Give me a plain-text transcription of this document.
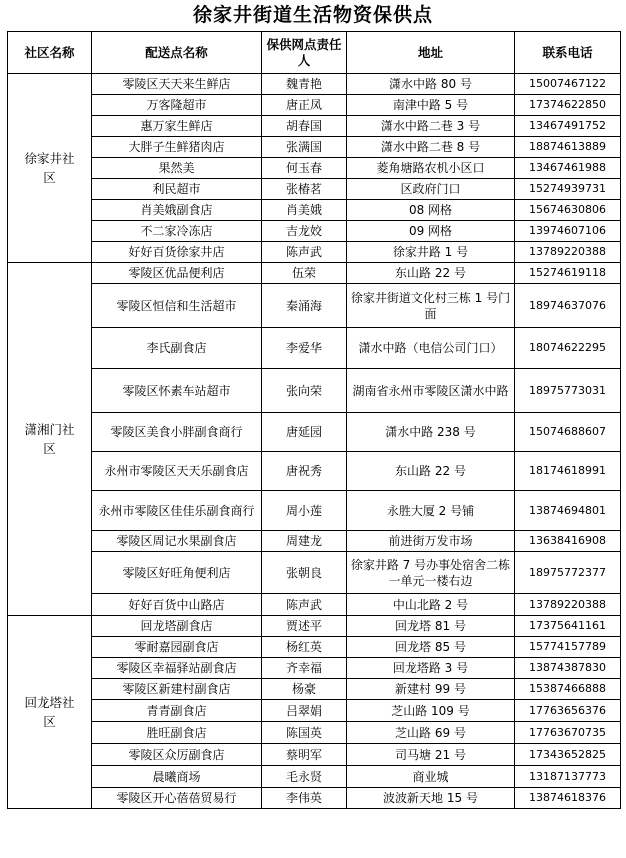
徐家井街道生活物资保供点
社区名称	配送点名称	保供网点责任人	地址	联系电话
徐家井社区	零陵区天天来生鲜店	魏青艳	潇水中路 80 号	15007467122
	万客隆超市	唐正凤	南津中路 5 号	17374622850
	惠万家生鲜店	胡春国	潇水中路二巷 3 号	13467491752
	大胖子生鲜猪肉店	张满国	潇水中路二巷 8 号	18874613889
	果然美	何玉春	菱角塘路农机小区口	13467461988
	利民超市	张椿茗	区政府门口	15274939731
	肖美娥副食店	肖美娥	08 网格	15674630806
	不二家冷冻店	吉龙姣	09 网格	13974607106
	好好百货徐家井店	陈声武	徐家井路 1 号	13789220388
潇湘门社区	零陵区优品便利店	伍荣	东山路 22 号	15274619118
	零陵区恒信和生活超市	秦涌海	徐家井街道文化村三栋 1 号门面	18974637076
	李氏副食店	李爱华	潇水中路（电信公司门口）	18074622295
	零陵区怀素车站超市	张向荣	湖南省永州市零陵区潇水中路	18975773031
	零陵区美食小胖副食商行	唐延园	潇水中路 238 号	15074688607
	永州市零陵区天天乐副食店	唐祝秀	东山路 22 号	18174618991
	永州市零陵区佳佳乐副食商行	周小莲	永胜大厦 2 号铺	13874694801
	零陵区周记水果副食店	周建龙	前进街万发市场	13638416908
	零陵区好旺角便利店	张朝良	徐家井路 7 号办事处宿舍二栋一单元一楼右边	18975772377
	好好百货中山路店	陈声武	中山北路 2 号	13789220388
回龙塔社区	回龙塔副食店	贾述平	回龙塔 81 号	17375641161
	零耐嘉园副食店	杨红英	回龙塔 85 号	15774157789
	零陵区幸福驿站副食店	齐幸福	回龙塔路 3 号	13874387830
	零陵区新建村副食店	杨豪	新建村 99 号	15387466888
	青青副食店	吕翠娟	芝山路 109 号	17763656376
	胜旺副食店	陈国英	芝山路 69 号	17763670735
	零陵区众厉副食店	蔡明军	司马塘 21 号	17343652825
	晨曦商场	毛永贤	商业城	13187137773
	零陵区开心蓓蓓贸易行	李伟英	波波新天地 15 号	13874618376
